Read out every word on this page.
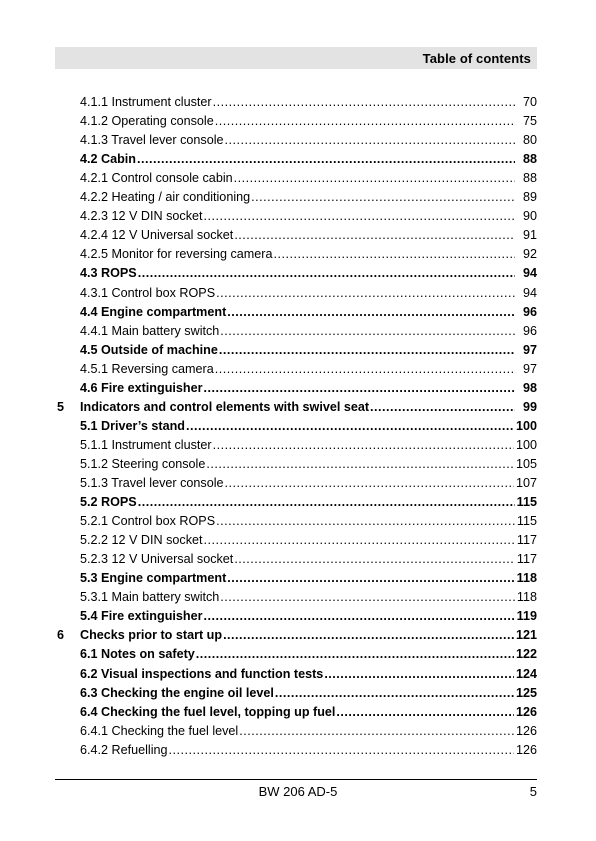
Table of contents
4.1.1 Instrument cluster .....	70
4.1.2 Operating console .....	75
4.1.3 Travel lever console .....	80
4.2 Cabin .....	88
4.2.1 Control console cabin .....	88
4.2.2 Heating / air conditioning .....	89
4.2.3 12 V DIN socket .....	90
4.2.4 12 V Universal socket .....	91
4.2.5 Monitor for reversing camera .....	92
4.3 ROPS .....	94
4.3.1 Control box ROPS .....	94
4.4 Engine compartment .....	96
4.4.1 Main battery switch .....	96
4.5 Outside of machine .....	97
4.5.1 Reversing camera .....	97
4.6 Fire extinguisher .....	98
5 Indicators and control elements with swivel seat .....	99
5.1 Driver’s stand .....	100
5.1.1 Instrument cluster .....	100
5.1.2 Steering console .....	105
5.1.3 Travel lever console .....	107
5.2 ROPS .....	115
5.2.1 Control box ROPS .....	115
5.2.2 12 V DIN socket .....	117
5.2.3 12 V Universal socket .....	117
5.3 Engine compartment .....	118
5.3.1 Main battery switch .....	118
5.4 Fire extinguisher .....	119
6 Checks prior to start up .....	121
6.1 Notes on safety .....	122
6.2 Visual inspections and function tests .....	124
6.3 Checking the engine oil level .....	125
6.4 Checking the fuel level, topping up fuel .....	126
6.4.1 Checking the fuel level .....	126
6.4.2 Refuelling .....	126
BW 206 AD-5	5
